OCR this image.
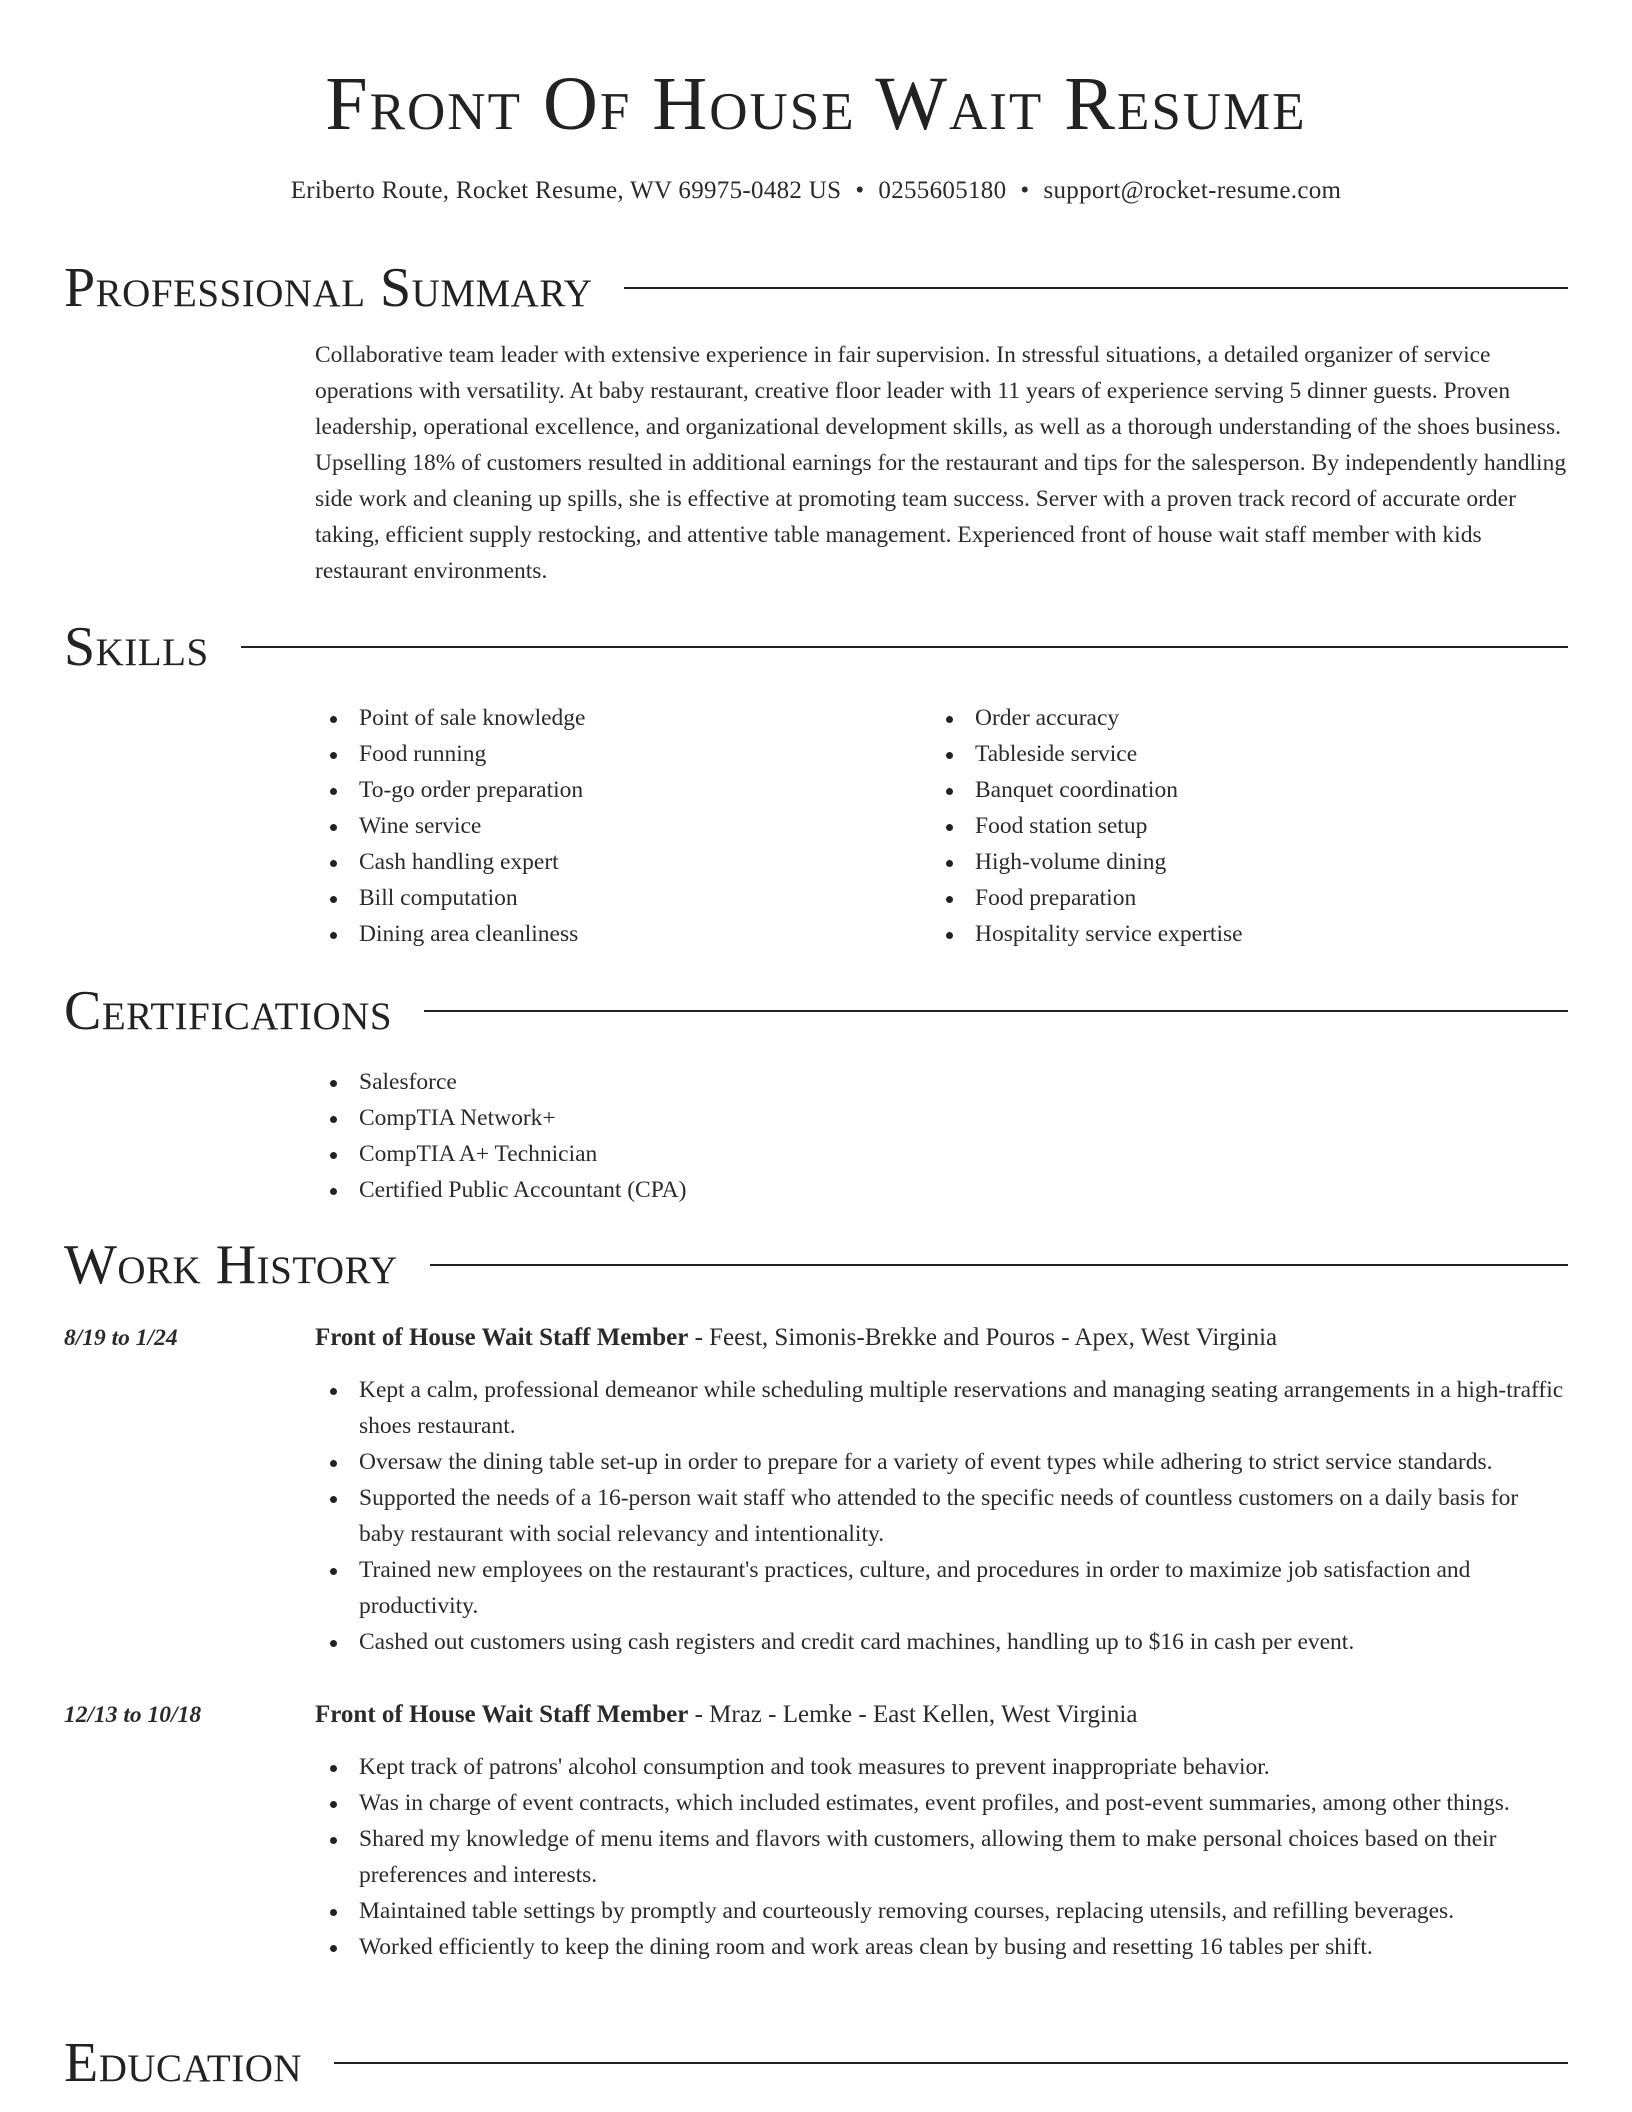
Front Of House Wait Resume
Eriberto Route, Rocket Resume, WV 69975-0482 US • 0255605180 • support@rocket-resume.com
Professional Summary

Collaborative team leader with extensive experience in fair supervision. In stressful situations, a detailed organizer of service operations with versatility. At baby restaurant, creative floor leader with 11 years of experience serving 5 dinner guests. Proven leadership, operational excellence, and organizational development skills, as well as a thorough understanding of the shoes business. Upselling 18% of customers resulted in additional earnings for the restaurant and tips for the salesperson. By independently handling side work and cleaning up spills, she is effective at promoting team success. Server with a proven track record of accurate order taking, efficient supply restocking, and attentive table management. Experienced front of house wait staff member with kids restaurant environments.

Skills
Point of sale knowledge
Food running
To-go order preparation
Wine service
Cash handling expert
Bill computation
Dining area cleanliness
Order accuracy
Tableside service
Banquet coordination
Food station setup
High-volume dining
Food preparation
Hospitality service expertise
Certifications
Salesforce
CompTIA Network+
CompTIA A+ Technician
Certified Public Accountant (CPA)
Work History
8/19 to 1/24	Front of House Wait Staff Member - Feest, Simonis-Brekke and Pouros - Apex, West Virginia
Kept a calm, professional demeanor while scheduling multiple reservations and managing seating arrangements in a high-traffic shoes restaurant.
Oversaw the dining table set-up in order to prepare for a variety of event types while adhering to strict service standards.
Supported the needs of a 16-person wait staff who attended to the specific needs of countless customers on a daily basis for baby restaurant with social relevancy and intentionality.
Trained new employees on the restaurant's practices, culture, and procedures in order to maximize job satisfaction and productivity.
Cashed out customers using cash registers and credit card machines, handling up to $16 in cash per event.
12/13 to 10/18	Front of House Wait Staff Member - Mraz - Lemke - East Kellen, West Virginia
Kept track of patrons' alcohol consumption and took measures to prevent inappropriate behavior.
Was in charge of event contracts, which included estimates, event profiles, and post-event summaries, among other things.
Shared my knowledge of menu items and flavors with customers, allowing them to make personal choices based on their preferences and interests.
Maintained table settings by promptly and courteously removing courses, replacing utensils, and refilling beverages.
Worked efficiently to keep the dining room and work areas clean by busing and resetting 16 tables per shift.
Education
